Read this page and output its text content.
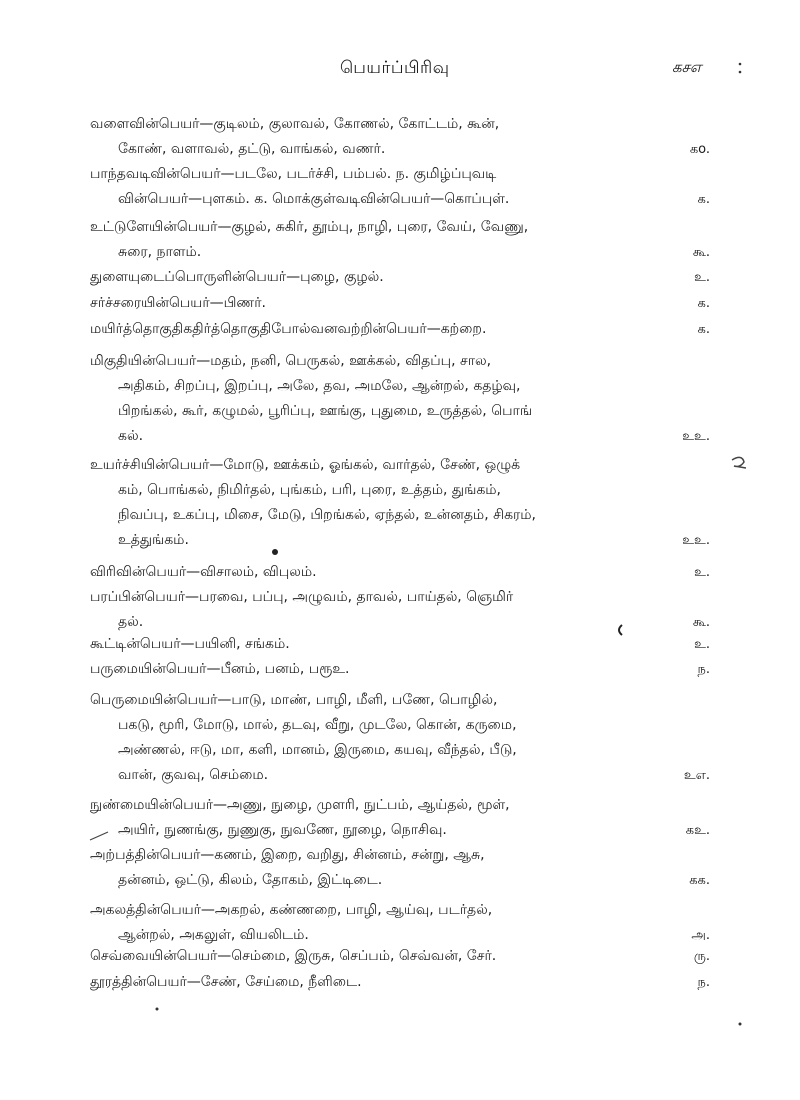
பெயர்ப்பிரிவு	கசஎ
வளைவின்பெயர்—குடிலம், குலாவல், கோணல், கோட்டம், கூன்,
கோண், வளாவல், தட்டு, வாங்கல், வணர்.	கo.
பாந்தவடிவின்பெயர்—படலே, படர்ச்சி, பம்பல். ந. குமிழ்ப்புவடி
வின்பெயர்—புளகம். க. மொக்குள்வடிவின்பெயர்—கொப்புள்.	க.
உட்டுளேயின்பெயர்—குழல், சுகிர், தூம்பு, நாழி, புரை, வேய், வேணு,
சுரை, நாளம்.	கூ.
துளையுடைப்பொருளின்பெயர்—புழை, குழல்.	உ.
சர்ச்சரையின்பெயர்—பிணர்.	க.
மயிர்த்தொகுதிகதிர்த்தொகுதிபோல்வனவற்றின்பெயர்—கற்றை.	க.
மிகுதியின்பெயர்—மதம், நனி, பெருகல், ஊக்கல், விதப்பு, சால,
அதிகம், சிறப்பு, இறப்பு, அலே, தவ, அமலே, ஆன்றல், கதழ்வு,
பிறங்கல், கூர், கழுமல், பூரிப்பு, ஊங்கு, புதுமை, உருத்தல், பொங்
கல்.	உஉ.
உயர்ச்சியின்பெயர்—மோடு, ஊக்கம், ஓங்கல், வார்தல், சேண், ஒழுக்
கம், பொங்கல், நிமிர்தல், புங்கம், பரி, புரை, உத்தம், துங்கம்,
நிவப்பு, உகப்பு, மிசை, மேடு, பிறங்கல், ஏந்தல், உன்னதம், சிகரம்,
உத்துங்கம்.	உஉ.
விரிவின்பெயர்—விசாலம், விபுலம்.	உ.
பரப்பின்பெயர்—பரவை, பப்பு, அழுவம், தாவல், பாய்தல், ஞெமிர்
தல்.	கூ.
கூட்டின்பெயர்—பயினி, சங்கம்.	உ.
பருமையின்பெயர்—பீனம், பனம், பரூஉ.	ந.
பெருமையின்பெயர்—பாடு, மாண், பாழி, மீளி, பணே, பொழில்,
பகடு, மூரி, மோடு, மால், தடவு, வீறு, முடலே, கொன், கருமை,
அண்ணல், ஈடு, மா, களி, மானம், இருமை, கயவு, வீந்தல், பீடு,
வான், குவவு, செம்மை.	உஎ.
நுண்மையின்பெயர்—அணு, நுழை, முளரி, நுட்பம், ஆய்தல், மூள்,
அயிர், நுணங்கு, நுணுகு, நுவணே, நூழை, நொசிவு.	கஉ.
அற்பத்தின்பெயர்—கணம், இறை, வறிது, சின்னம், சன்று, ஆசு,
தன்னம், ஒட்டு, கிலம், தோகம், இட்டிடை.	கக.
அகலத்தின்பெயர்—அகறல், கண்ணறை, பாழி, ஆய்வு, படர்தல்,
ஆன்றல், அகலுள், வியலிடம்.	அ.
செவ்வையின்பெயர்—செம்மை, இருசு, செப்பம், செவ்வன், சேர்.	ரு.
தூரத்தின்பெயர்—சேண், சேய்மை, நீளிடை.	ந.
